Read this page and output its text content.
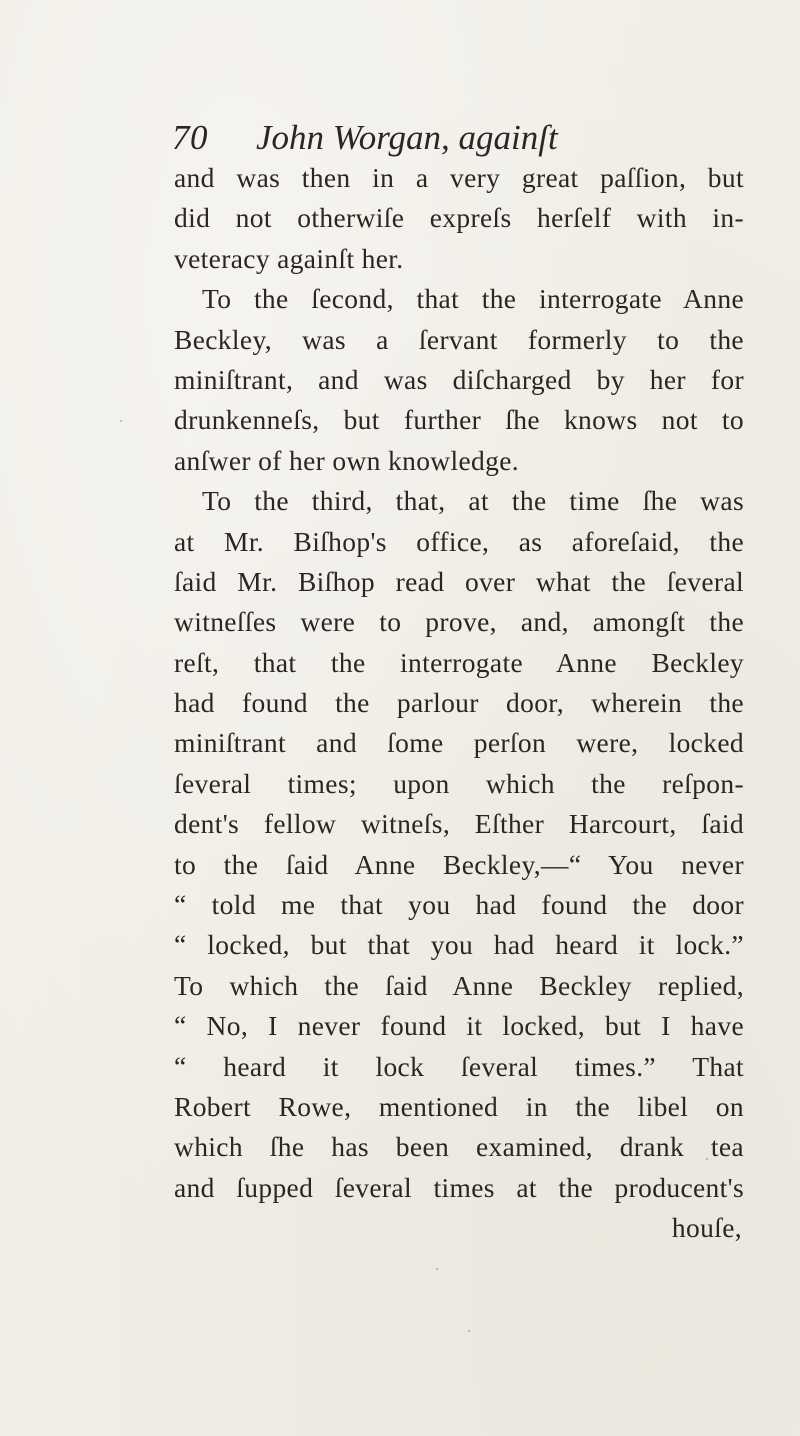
70 John Worgan, againſt
and was then in a very great paſſion, but
did not otherwiſe expreſs herſelf with in-
veteracy againſt her.
To the ſecond, that the interrogate Anne
Beckley, was a ſervant formerly to the
miniſtrant, and was diſcharged by her for
drunkenneſs, but further ſhe knows not to
anſwer of her own knowledge.
To the third, that, at the time ſhe was
at Mr. Biſhop's office, as aforeſaid, the
ſaid Mr. Biſhop read over what the ſeveral
witneſſes were to prove, and, amongſt the
reſt, that the interrogate Anne Beckley
had found the parlour door, wherein the
miniſtrant and ſome perſon were, locked
ſeveral times; upon which the reſpon-
dent's fellow witneſs, Eſther Harcourt, ſaid
to the ſaid Anne Beckley,—“ You never
“ told me that you had found the door
“ locked, but that you had heard it lock.”
To which the ſaid Anne Beckley replied,
“ No, I never found it locked, but I have
“ heard it lock ſeveral times.” That
Robert Rowe, mentioned in the libel on
which ſhe has been examined, drank tea
and ſupped ſeveral times at the producent's
houſe,
